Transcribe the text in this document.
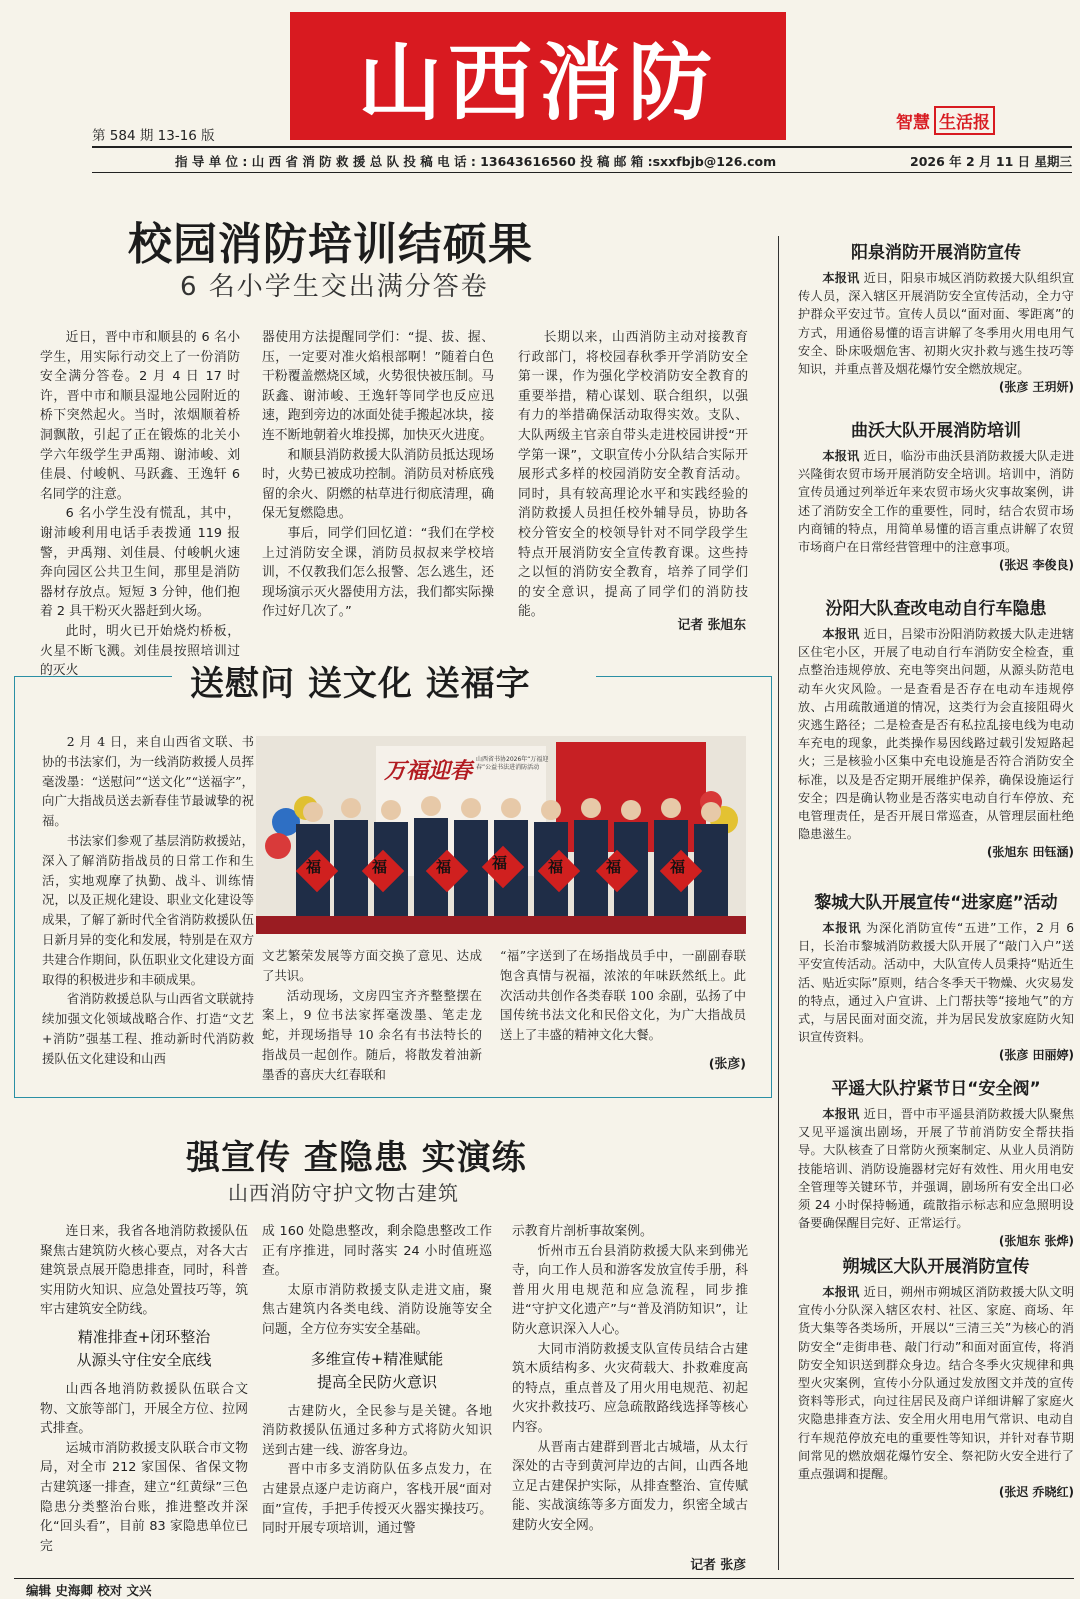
山西消防
第 584 期 13-16 版
智慧 生活报
指 导 单 位 : 山 西 省 消 防 救 援 总 队 投 稿 电 话 : 13643616560 投 稿 邮 箱 :sxxfbjb@126.com	2026 年 2 月 11 日 星期三
校园消防培训结硕果
6 名小学生交出满分答卷

近日，晋中市和顺县的 6 名小学生，用实际行动交上了一份消防安全满分答卷。2 月 4 日 17 时许，晋中市和顺县湿地公园附近的桥下突然起火。当时，浓烟顺着桥洞飘散，引起了正在锻炼的北关小学六年级学生尹禹翔、谢沛峻、刘佳晨、付峻帆、马跃鑫、王逸轩 6 名同学的注意。

6 名小学生没有慌乱，其中，谢沛峻利用电话手表拨通 119 报警，尹禹翔、刘佳晨、付峻帆火速奔向园区公共卫生间，那里是消防器材存放点。短短 3 分钟，他们抱着 2 具干粉灭火器赶到火场。

此时，明火已开始烧灼桥板，火星不断飞溅。刘佳晨按照培训过的灭火

器使用方法提醒同学们：“提、拔、握、压，一定要对准火焰根部啊！”随着白色干粉覆盖燃烧区域，火势很快被压制。马跃鑫、谢沛峻、王逸轩等同学也反应迅速，跑到旁边的冰面处徒手搬起冰块，接连不断地朝着火堆投掷，加快灭火进度。

和顺县消防救援大队消防员抵达现场时，火势已被成功控制。消防员对桥底残留的余火、阴燃的枯草进行彻底清理，确保无复燃隐患。

事后，同学们回忆道：“我们在学校上过消防安全课，消防员叔叔来学校培训，不仅教我们怎么报警、怎么逃生，还现场演示灭火器使用方法，我们都实际操作过好几次了。”

长期以来，山西消防主动对接教育行政部门，将校园春秋季开学消防安全第一课，作为强化学校消防安全教育的重要举措，精心谋划、联合组织，以强有力的举措确保活动取得实效。支队、大队两级主官亲自带头走进校园讲授“开学第一课”，文职宣传小分队结合实际开展形式多样的校园消防安全教育活动。同时，具有较高理论水平和实践经验的消防救援人员担任校外辅导员，协助各校分管安全的校领导针对不同学段学生特点开展消防安全宣传教育课。这些持之以恒的消防安全教育，培养了同学们的安全意识，提高了同学们的消防技能。

记者 张旭东
送慰问 送文化 送福字

2 月 4 日，来自山西省文联、书协的书法家们，为一线消防救援人员挥毫泼墨：“送慰问”“送文化”“送福字”，向广大指战员送去新春佳节最诚挚的祝福。

书法家们参观了基层消防救援站，深入了解消防指战员的日常工作和生活，实地观摩了执勤、战斗、训练情况，以及正规化建设、职业文化建设等成果，了解了新时代全省消防救援队伍日新月异的变化和发展，特别是在双方共建合作期间，队伍职业文化建设方面取得的积极进步和丰硕成果。

省消防救援总队与山西省文联就持续加强文化领域战略合作、打造“文艺+消防”强基工程、推动新时代消防救援队伍文化建设和山西

万福迎春 山西省书协2026年“万福迎春”公益书法进消防活动
福	福	福	福	福	福	福

文艺繁荣发展等方面交换了意见、达成了共识。

活动现场，文房四宝齐齐整整摆在案上，9 位书法家挥毫泼墨、笔走龙蛇，并现场指导 10 余名有书法特长的指战员一起创作。随后，将散发着油新墨香的喜庆大红春联和

“福”字送到了在场指战员手中，一副副春联饱含真情与祝福，浓浓的年味跃然纸上。此次活动共创作各类春联 100 余副，弘扬了中国传统书法文化和民俗文化，为广大指战员送上了丰盛的精神文化大餐。

(张彦)
强宣传 查隐患 实演练
山西消防守护文物古建筑

连日来，我省各地消防救援队伍聚焦古建筑防火核心要点，对各大古建筑景点展开隐患排查，同时，科普实用防火知识、应急处置技巧等，筑牢古建筑安全防线。

精准排查+闭环整治
从源头守住安全底线

山西各地消防救援队伍联合文物、文旅等部门，开展全方位、拉网式排查。

运城市消防救援支队联合市文物局，对全市 212 家国保、省保文物古建筑逐一排查，建立“红黄绿”三色隐患分类整治台账，推进整改并深化“回头看”，目前 83 家隐患单位已完

成 160 处隐患整改，剩余隐患整改工作正有序推进，同时落实 24 小时值班巡查。

太原市消防救援支队走进文庙，聚焦古建筑内各类电线、消防设施等安全问题，全方位夯实安全基础。

多维宣传+精准赋能
提高全民防火意识

古建防火，全民参与是关键。各地消防救援队伍通过多种方式将防火知识送到古建一线、游客身边。

晋中市多支消防队伍多点发力，在古建景点逐户走访商户，客栈开展“面对面”宣传，手把手传授灭火器实操技巧。同时开展专项培训，通过警

示教育片剖析事故案例。

忻州市五台县消防救援大队来到佛光寺，向工作人员和游客发放宣传手册，科普用火用电规范和应急流程，同步推进“守护文化遗产”与“普及消防知识”，让防火意识深入人心。

大同市消防救援支队宣传员结合古建筑木质结构多、火灾荷载大、扑救难度高的特点，重点普及了用火用电规范、初起火灾扑救技巧、应急疏散路线选择等核心内容。

从晋南古建群到晋北古城墙，从太行深处的古寺到黄河岸边的古间，山西各地立足古建保护实际，从排查整治、宣传赋能、实战演练等多方面发力，织密全域古建防火安全网。

记者 张彦
阳泉消防开展消防宣传
本报讯 近日，阳泉市城区消防救援大队组织宣传人员，深入辖区开展消防安全宣传活动，全力守护群众平安过节。宣传人员以“面对面、零距离”的方式，用通俗易懂的语言讲解了冬季用火用电用气安全、卧床吸烟危害、初期火灾扑救与逃生技巧等知识，并重点普及烟花爆竹安全燃放规定。
(张彦 王玥妍)
曲沃大队开展消防培训
本报讯 近日，临汾市曲沃县消防救援大队走进兴隆街农贸市场开展消防安全培训。培训中，消防宣传员通过列举近年来农贸市场火灾事故案例，讲述了消防安全工作的重要性，同时，结合农贸市场内商铺的特点，用简单易懂的语言重点讲解了农贸市场商户在日常经营管理中的注意事项。
(张迟 李俊良)
汾阳大队查改电动自行车隐患
本报讯 近日，吕梁市汾阳消防救援大队走进辖区住宅小区，开展了电动自行车消防安全检查，重点整治违规停放、充电等突出问题，从源头防范电动车火灾风险。一是查看是否存在电动车违规停放、占用疏散通道的情况，这类行为会直接阻碍火灾逃生路径；二是检查是否有私拉乱接电线为电动车充电的现象，此类操作易因线路过载引发短路起火；三是核验小区集中充电设施是否符合消防安全标准，以及是否定期开展维护保养，确保设施运行安全；四是确认物业是否落实电动自行车停放、充电管理责任，是否开展日常巡查，从管理层面杜绝隐患滋生。
(张旭东 田钰涵)
黎城大队开展宣传“进家庭”活动
本报讯 为深化消防宣传“五进”工作，2 月 6 日，长治市黎城消防救援大队开展了“敲门入户”送平安宣传活动。活动中，大队宣传人员秉持“贴近生活、贴近实际”原则，结合冬季天干物燥、火灾易发的特点，通过入户宣讲、上门帮扶等“接地气”的方式，与居民面对面交流，并为居民发放家庭防火知识宣传资料。
(张彦 田丽婷)
平遥大队拧紧节日“安全阀”
本报讯 近日，晋中市平遥县消防救援大队聚焦又见平遥演出剧场，开展了节前消防安全帮扶指导。大队核查了日常防火预案制定、从业人员消防技能培训、消防设施器材完好有效性、用火用电安全管理等关键环节，并强调，剧场所有安全出口必须 24 小时保持畅通，疏散指示标志和应急照明设备要确保醒目完好、正常运行。
(张旭东 张烨)
朔城区大队开展消防宣传
本报讯 近日，朔州市朔城区消防救援大队文明宣传小分队深入辖区农村、社区、家庭、商场、年货大集等各类场所，开展以“三清三关”为核心的消防安全“走街串巷、敲门行动”和面对面宣传，将消防安全知识送到群众身边。结合冬季火灾规律和典型火灾案例，宣传小分队通过发放图文并茂的宣传资料等形式，向过往居民及商户详细讲解了家庭火灾隐患排查方法、安全用火用电用气常识、电动自行车规范停放充电的重要性等知识，并针对春节期间常见的燃放烟花爆竹安全、祭祀防火安全进行了重点强调和提醒。
(张迟 乔晓红)
编辑 史海卿 校对 文兴
